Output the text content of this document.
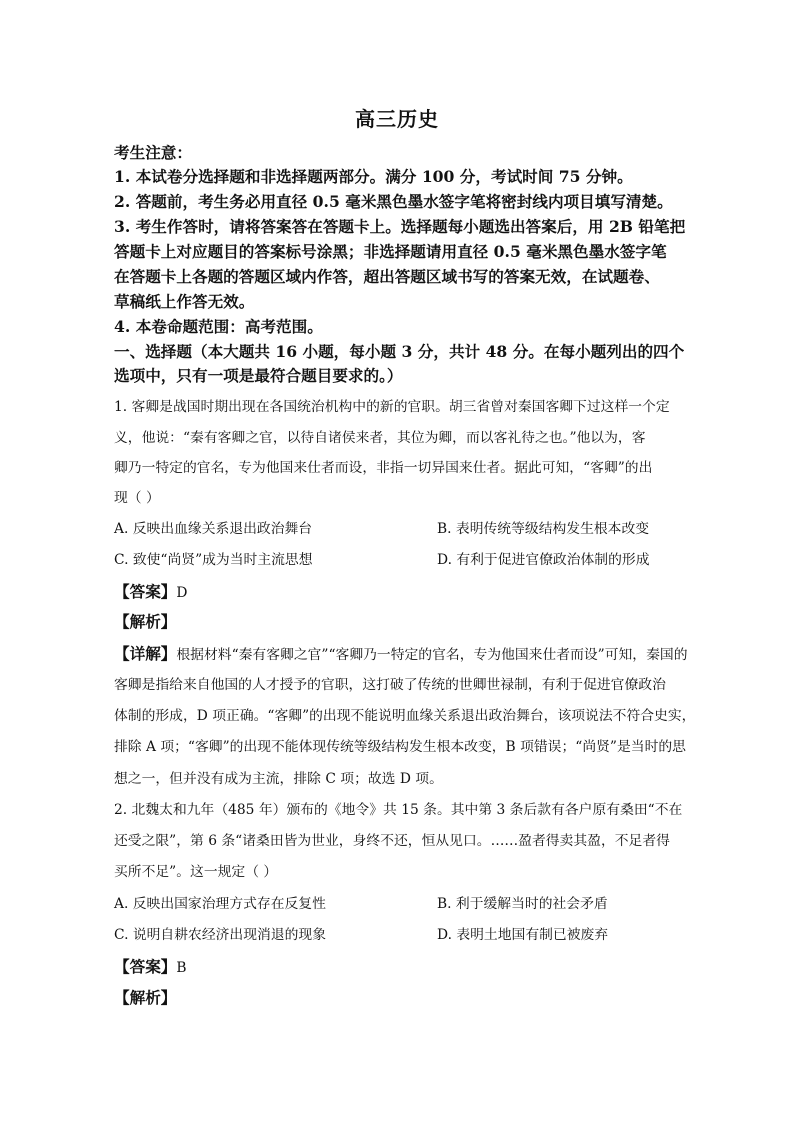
高三历史
考生注意：
1. 本试卷分选择题和非选择题两部分。满分 100 分，考试时间 75 分钟。
2. 答题前，考生务必用直径 0.5 毫米黑色墨水签字笔将密封线内项目填写清楚。
3. 考生作答时，请将答案答在答题卡上。选择题每小题选出答案后，用 2B 铅笔把
答题卡上对应题目的答案标号涂黑；非选择题请用直径 0.5 毫米黑色墨水签字笔
在答题卡上各题的答题区域内作答，超出答题区域书写的答案无效，在试题卷、
草稿纸上作答无效。
4. 本卷命题范围：高考范围。
一、选择题（本大题共 16 小题，每小题 3 分，共计 48 分。在每小题列出的四个
选项中，只有一项是最符合题目要求的。）
1. 客卿是战国时期出现在各国统治机构中的新的官职。胡三省曾对秦国客卿下过这样一个定
义，他说：“秦有客卿之官，以待自诸侯来者，其位为卿，而以客礼待之也。”他以为，客
卿乃一特定的官名，专为他国来仕者而设，非指一切异国来仕者。据此可知，“客卿”的出
现（ ）
A. 反映出血缘关系退出政治舞台	B. 表明传统等级结构发生根本改变
C. 致使“尚贤”成为当时主流思想	D. 有利于促进官僚政治体制的形成
【答案】D
【解析】
【详解】根据材料“秦有客卿之官”“客卿乃一特定的官名，专为他国来仕者而设”可知，秦国的
客卿是指给来自他国的人才授予的官职，这打破了传统的世卿世禄制，有利于促进官僚政治
体制的形成，D 项正确。“客卿”的出现不能说明血缘关系退出政治舞台，该项说法不符合史实，
排除 A 项；“客卿”的出现不能体现传统等级结构发生根本改变，B 项错误；“尚贤”是当时的思
想之一，但并没有成为主流，排除 C 项；故选 D 项。
2. 北魏太和九年（485 年）颁布的《地令》共 15 条。其中第 3 条后款有各户原有桑田“不在
还受之限”，第 6 条“诸桑田皆为世业，身终不还，恒从见口。……盈者得卖其盈，不足者得
买所不足”。这一规定（ ）
A. 反映出国家治理方式存在反复性	B. 利于缓解当时的社会矛盾
C. 说明自耕农经济出现消退的现象	D. 表明土地国有制已被废弃
【答案】B
【解析】
